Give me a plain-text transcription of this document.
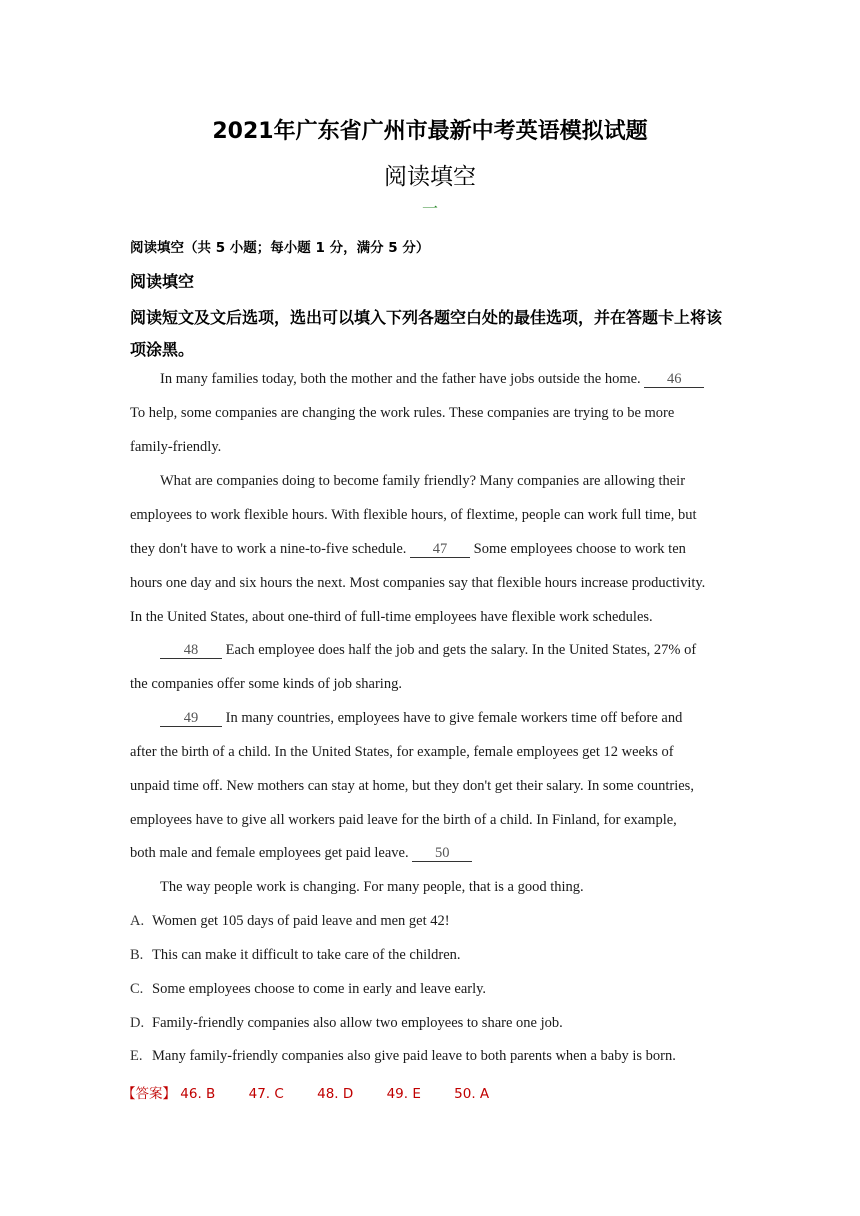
2021年广东省广州市最新中考英语模拟试题
阅读填空
一
阅读填空（共 5 小题；每小题 1 分，满分 5 分）
阅读填空
阅读短文及文后选项，选出可以填入下列各题空白处的最佳选项，并在答题卡上将该项涂黑。
In many families today, both the mother and the father have jobs outside the home. 46
To help, some companies are changing the work rules. These companies are trying to be more
family-friendly.
What are companies doing to become family friendly? Many companies are allowing their
employees to work flexible hours. With flexible hours, of flextime, people can work full time, but
they don't have to work a nine-to-five schedule. 47 Some employees choose to work ten
hours one day and six hours the next. Most companies say that flexible hours increase productivity.
In the United States, about one-third of full-time employees have flexible work schedules.
48 Each employee does half the job and gets the salary. In the United States, 27% of
the companies offer some kinds of job sharing.
49 In many countries, employees have to give female workers time off before and
after the birth of a child. In the United States, for example, female employees get 12 weeks of
unpaid time off. New mothers can stay at home, but they don't get their salary. In some countries,
employees have to give all workers paid leave for the birth of a child. In Finland, for example,
both male and female employees get paid leave. 50
The way people work is changing. For many people, that is a good thing.
A. Women get 105 days of paid leave and men get 42!
B. This can make it difficult to take care of the children.
C. Some employees choose to come in early and leave early.
D. Family-friendly companies also allow two employees to share one job.
E. Many family-friendly companies also give paid leave to both parents when a baby is born.
【答案】 46. B 47. C 48. D 49. E 50. A
